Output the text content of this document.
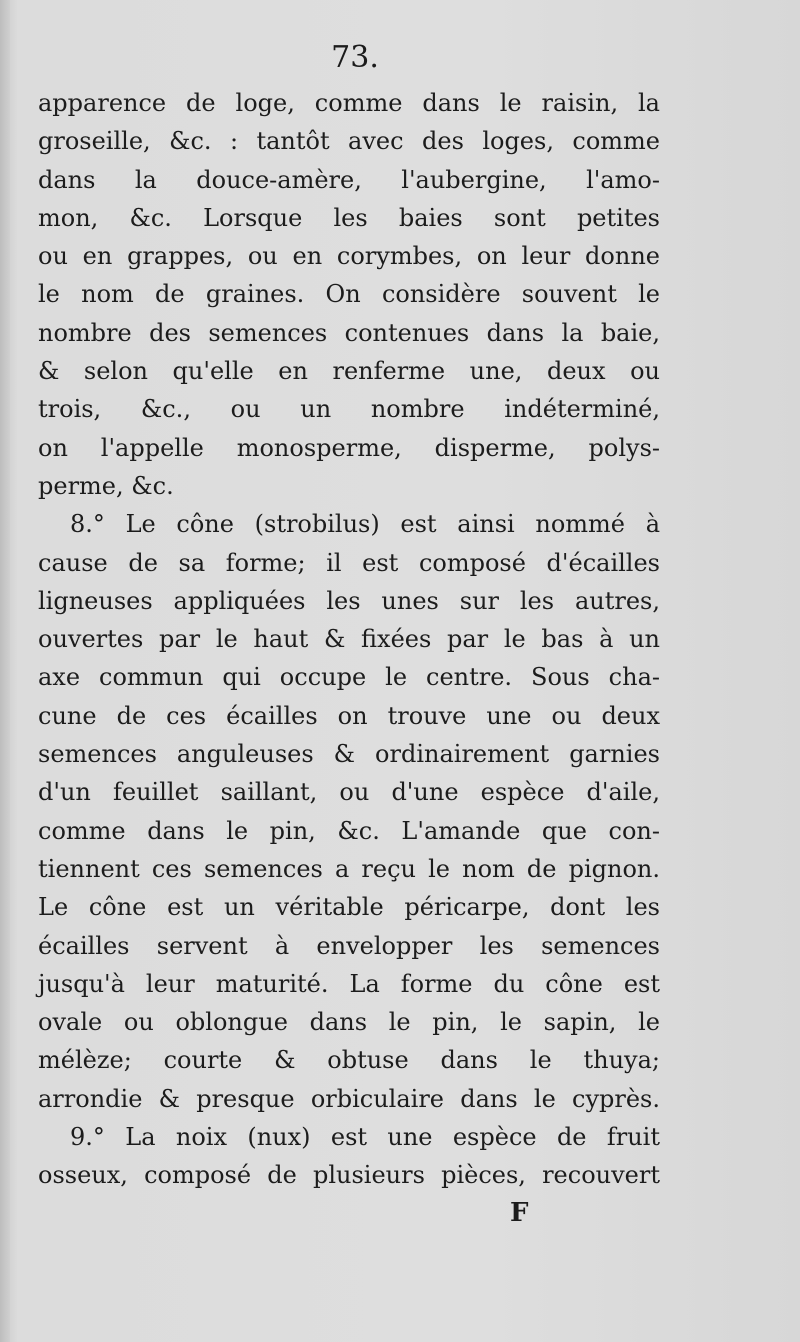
73.
apparence de loge, comme dans le raisin, la
groseille, &c. : tantôt avec des loges, comme
dans la douce-amère, l'aubergine, l'amo-
mon, &c. Lorsque les baies sont petites
ou en grappes, ou en corymbes, on leur donne
le nom de graines. On considère souvent le
nombre des semences contenues dans la baie,
& selon qu'elle en renferme une, deux ou
trois, &c., ou un nombre indéterminé,
on l'appelle monosperme, disperme, polys-
perme, &c.
8.° Le cône (strobilus) est ainsi nommé à
cause de sa forme; il est composé d'écailles
ligneuses appliquées les unes sur les autres,
ouvertes par le haut & fixées par le bas à un
axe commun qui occupe le centre. Sous cha-
cune de ces écailles on trouve une ou deux
semences anguleuses & ordinairement garnies
d'un feuillet saillant, ou d'une espèce d'aile,
comme dans le pin, &c. L'amande que con-
tiennent ces semences a reçu le nom de pignon.
Le cône est un véritable péricarpe, dont les
écailles servent à envelopper les semences
jusqu'à leur maturité. La forme du cône est
ovale ou oblongue dans le pin, le sapin, le
mélèze; courte & obtuse dans le thuya;
arrondie & presque orbiculaire dans le cyprès.
9.° La noix (nux) est une espèce de fruit
osseux, composé de plusieurs pièces, recouvert
F
